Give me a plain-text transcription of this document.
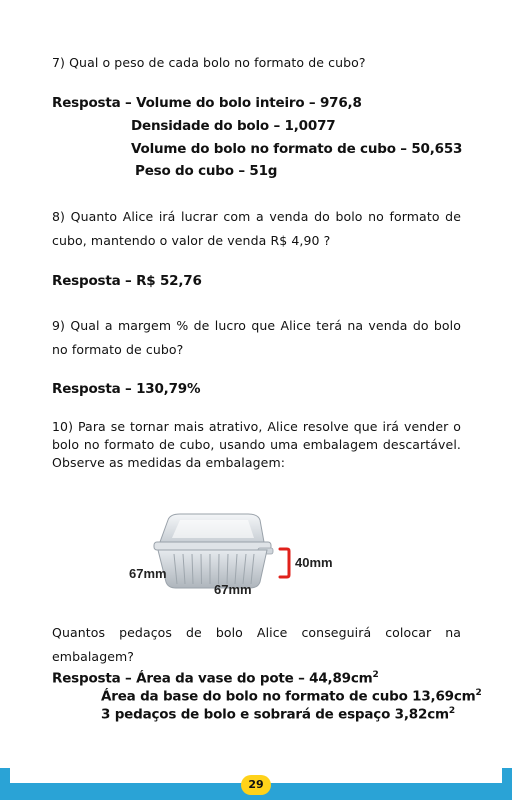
7) Qual o peso de cada bolo no formato de cubo?

Resposta – Volume do bolo inteiro – 976,8

Densidade do bolo – 1,0077

Volume do bolo no formato de cubo – 50,653

Peso do cubo – 51g

8) Quanto Alice irá lucrar com a venda do bolo no formato de cubo, mantendo o valor de venda R$ 4,90 ?

Resposta – R$ 52,76

9) Qual a margem % de lucro que Alice terá na venda do bolo no formato de cubo?

Resposta – 130,79%

10) Para se tornar mais atrativo, Alice resolve que irá vender o bolo no formato de cubo, usando uma embalagem descartável. Observe as medidas da embalagem:

40mm
67mm
67mm

Quantos pedaços de bolo Alice conseguirá colocar na embalagem?

Resposta – Área da vase do pote – $44,89cm^2$

Área da base do bolo no formato de cubo $13,69cm^2$

3 pedaços de bolo e sobrará de espaço $3,82cm^2$

29
